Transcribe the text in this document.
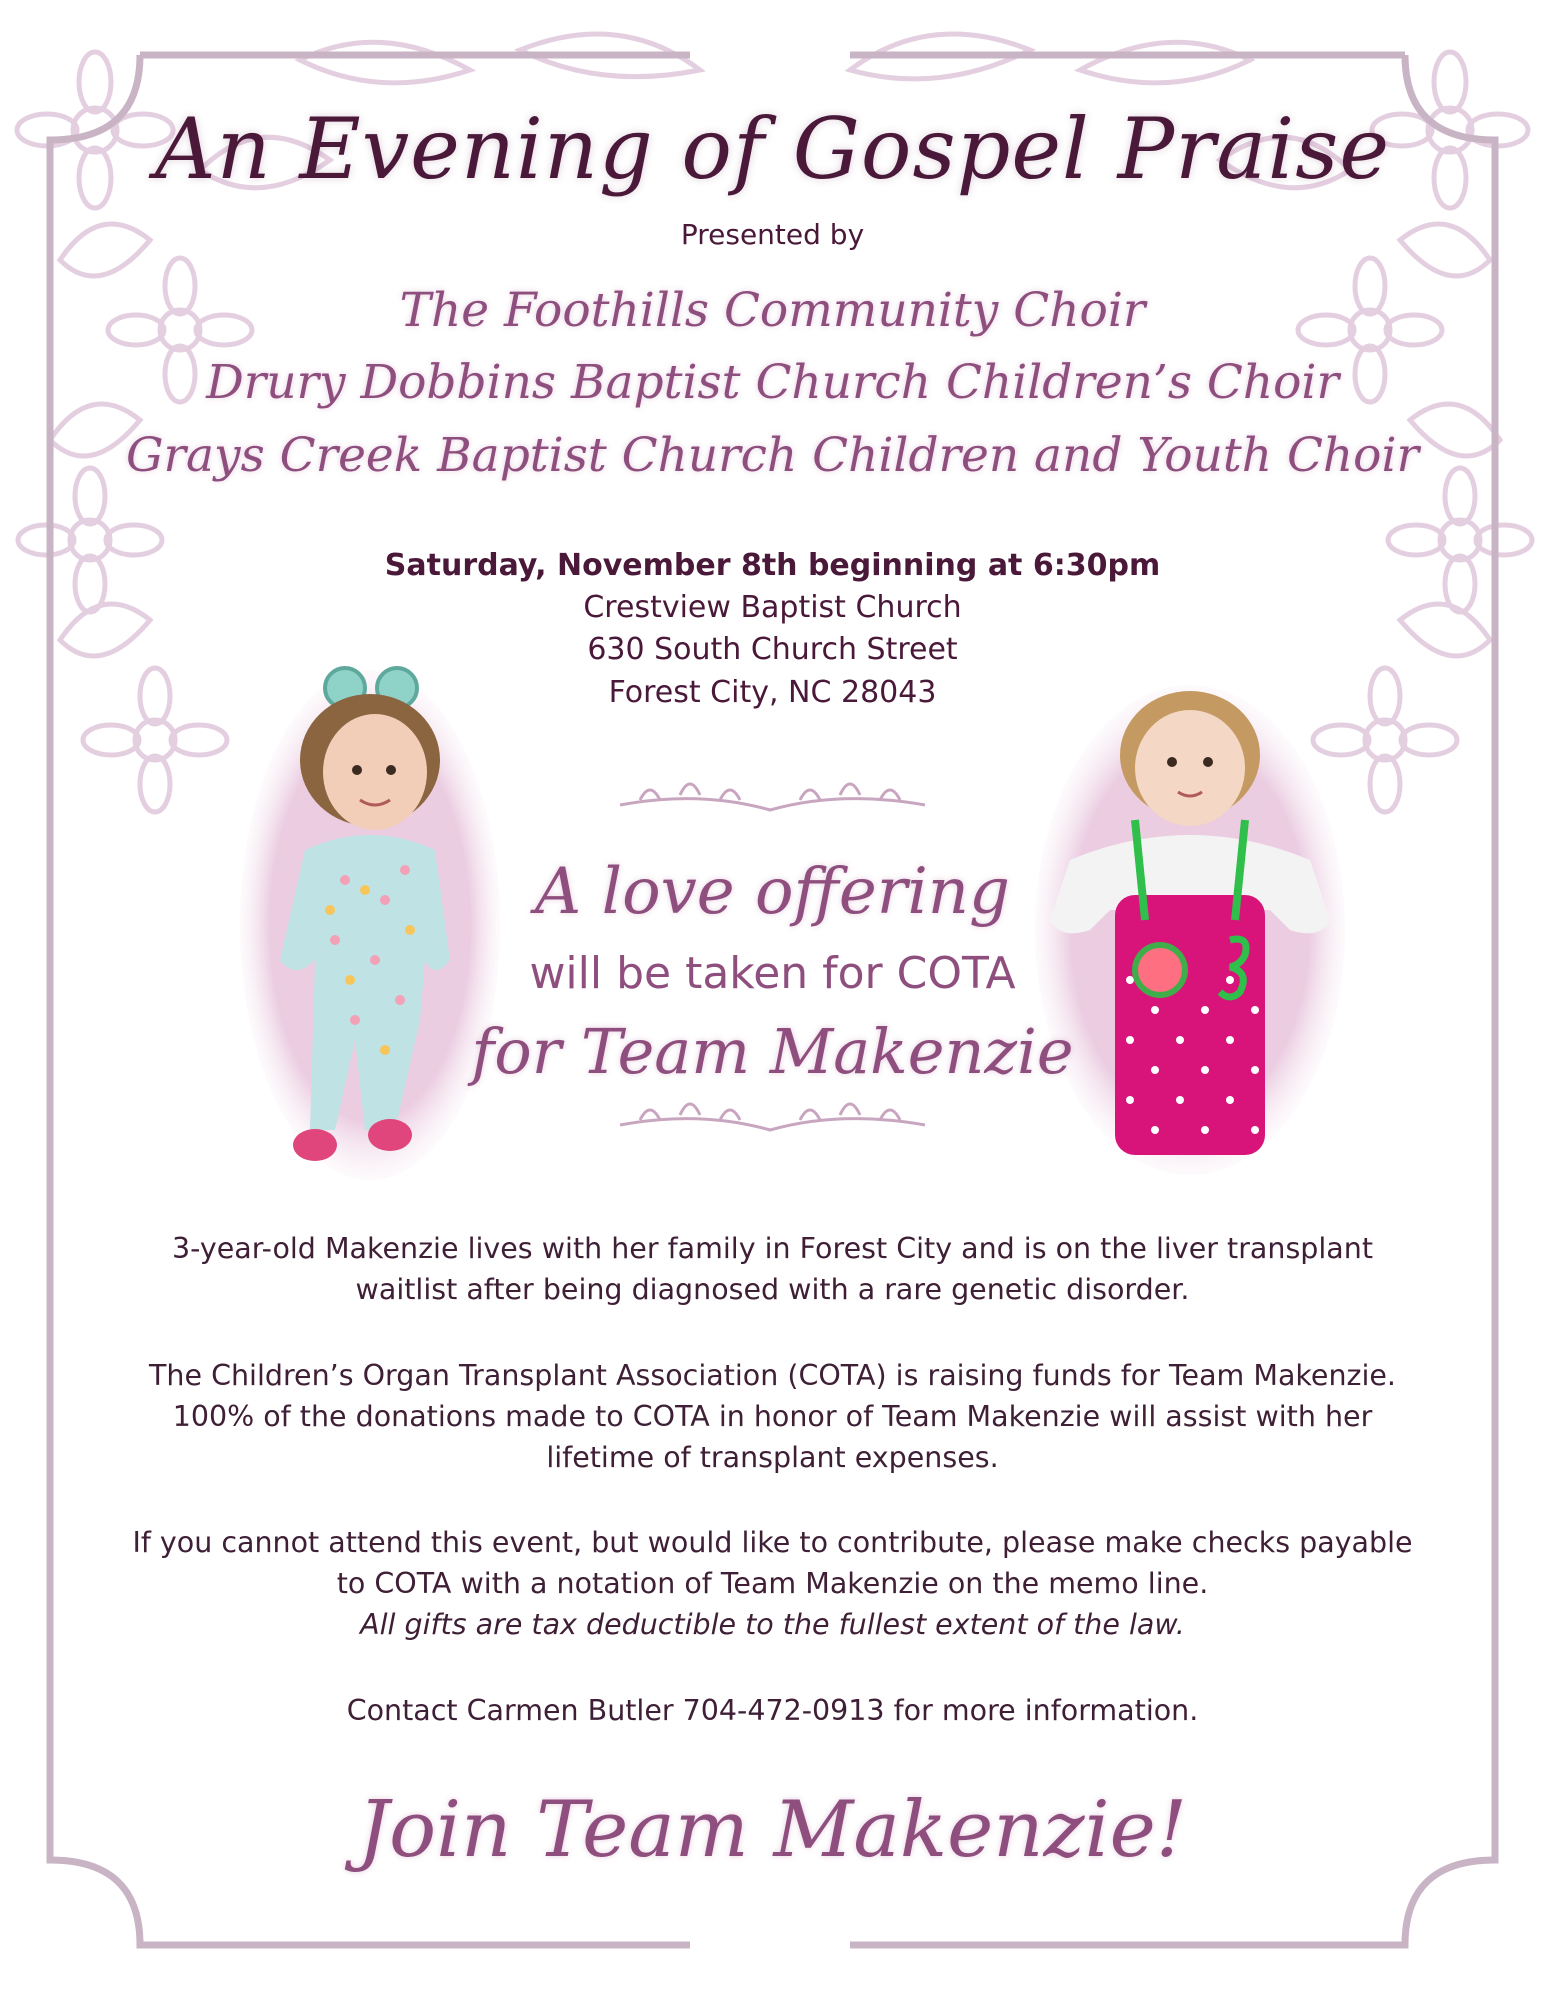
An Evening of Gospel Praise
Presented by
The Foothills Community Choir
Drury Dobbins Baptist Church Children’s Choir
Grays Creek Baptist Church Children and Youth Choir
Saturday, November 8th beginning at 6:30pm
Crestview Baptist Church
630 South Church Street
Forest City, NC 28043
A love offering
will be taken for COTA
for Team Makenzie
3-year-old Makenzie lives with her family in Forest City and is on the liver transplant
waitlist after being diagnosed with a rare genetic disorder.
The Children’s Organ Transplant Association (COTA) is raising funds for Team Makenzie.
100% of the donations made to COTA in honor of Team Makenzie will assist with her
lifetime of transplant expenses.
If you cannot attend this event, but would like to contribute, please make checks payable
to COTA with a notation of Team Makenzie on the memo line.
All gifts are tax deductible to the fullest extent of the law.
Contact Carmen Butler 704-472-0913 for more information.
Join Team Makenzie!
